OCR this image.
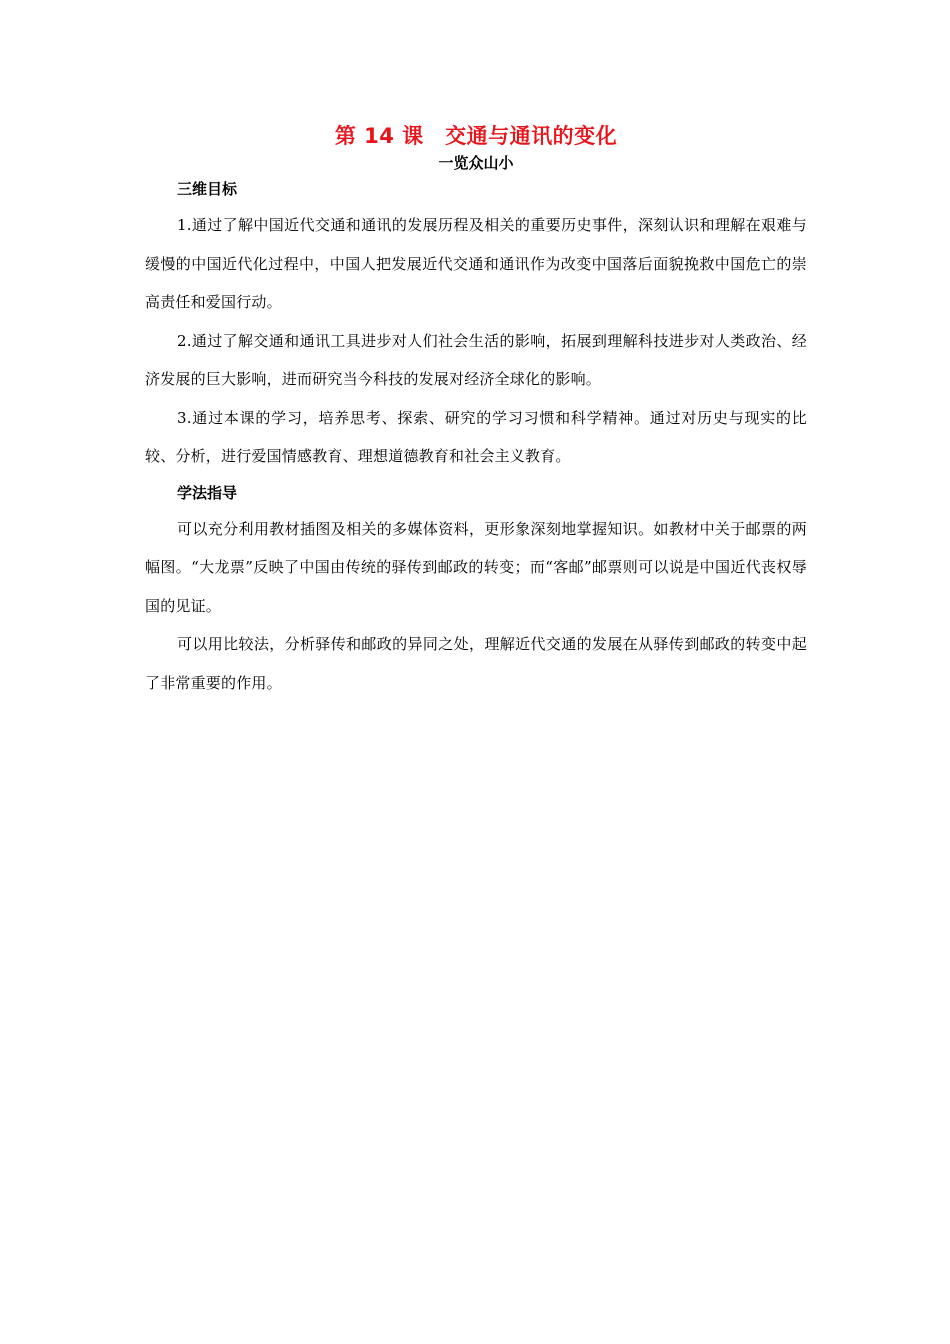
第 14 课　交通与通讯的变化
一览众山小
三维目标

1.通过了解中国近代交通和通讯的发展历程及相关的重要历史事件，深刻认识和理解在艰难与缓慢的中国近代化过程中，中国人把发展近代交通和通讯作为改变中国落后面貌挽救中国危亡的崇高责任和爱国行动。

2.通过了解交通和通讯工具进步对人们社会生活的影响，拓展到理解科技进步对人类政治、经济发展的巨大影响，进而研究当今科技的发展对经济全球化的影响。

3.通过本课的学习，培养思考、探索、研究的学习习惯和科学精神。通过对历史与现实的比较、分析，进行爱国情感教育、理想道德教育和社会主义教育。

学法指导

可以充分利用教材插图及相关的多媒体资料，更形象深刻地掌握知识。如教材中关于邮票的两幅图。“大龙票”反映了中国由传统的驿传到邮政的转变；而“客邮”邮票则可以说是中国近代丧权辱国的见证。

可以用比较法，分析驿传和邮政的异同之处，理解近代交通的发展在从驿传到邮政的转变中起了非常重要的作用。
